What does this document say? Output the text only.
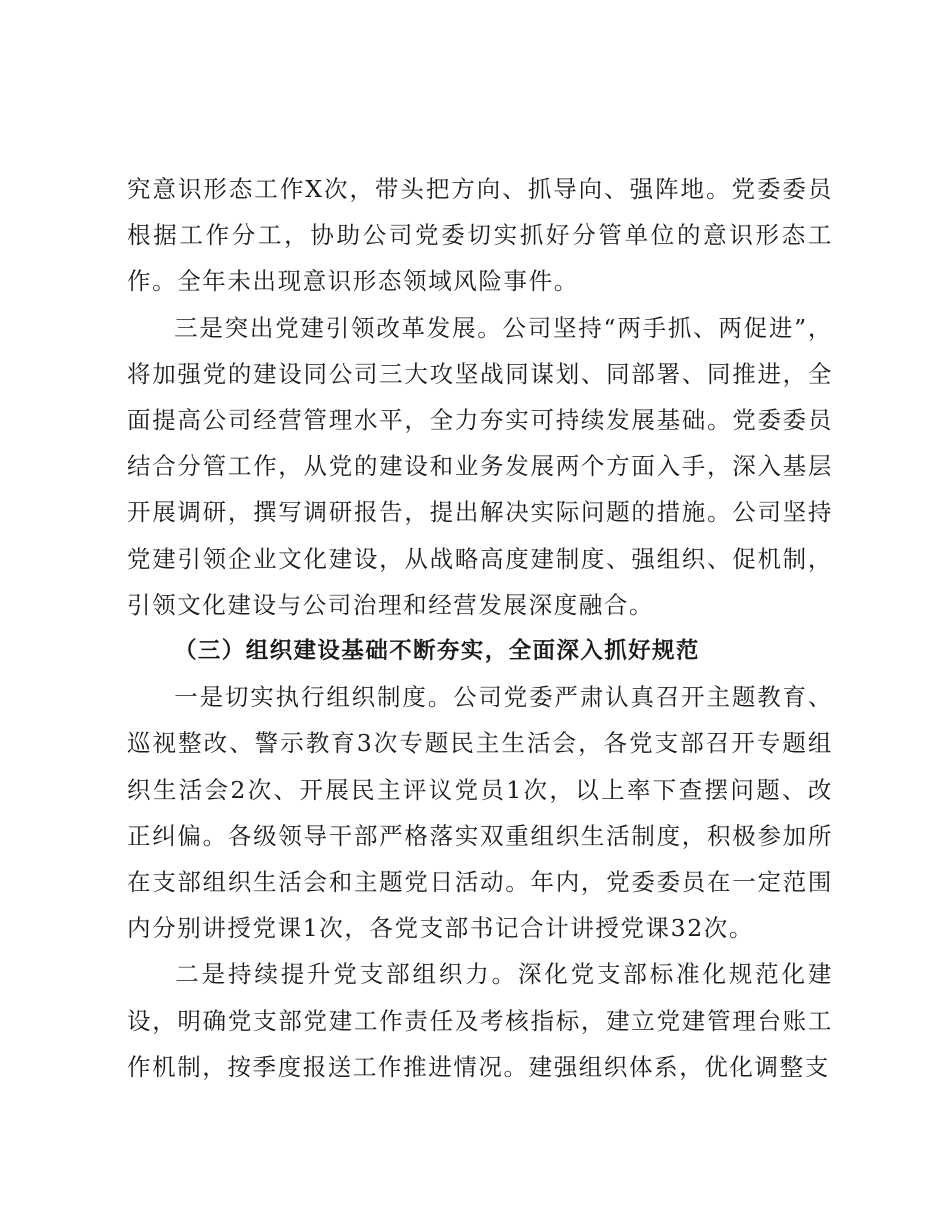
究意识形态工作X次，带头把方向、抓导向、强阵地。党委委员根据工作分工，协助公司党委切实抓好分管单位的意识形态工作。全年未出现意识形态领域风险事件。

三是突出党建引领改革发展。公司坚持“两手抓、两促进”，将加强党的建设同公司三大攻坚战同谋划、同部署、同推进，全面提高公司经营管理水平，全力夯实可持续发展基础。党委委员结合分管工作，从党的建设和业务发展两个方面入手，深入基层开展调研，撰写调研报告，提出解决实际问题的措施。公司坚持党建引领企业文化建设，从战略高度建制度、强组织、促机制，引领文化建设与公司治理和经营发展深度融合。

（三）组织建设基础不断夯实，全面深入抓好规范

一是切实执行组织制度。公司党委严肃认真召开主题教育、巡视整改、警示教育3次专题民主生活会，各党支部召开专题组织生活会2次、开展民主评议党员1次，以上率下查摆问题、改正纠偏。各级领导干部严格落实双重组织生活制度，积极参加所在支部组织生活会和主题党日活动。年内，党委委员在一定范围内分别讲授党课1次，各党支部书记合计讲授党课32次。

二是持续提升党支部组织力。深化党支部标准化规范化建设，明确党支部党建工作责任及考核指标，建立党建管理台账工作机制，按季度报送工作推进情况。建强组织体系，优化调整支
